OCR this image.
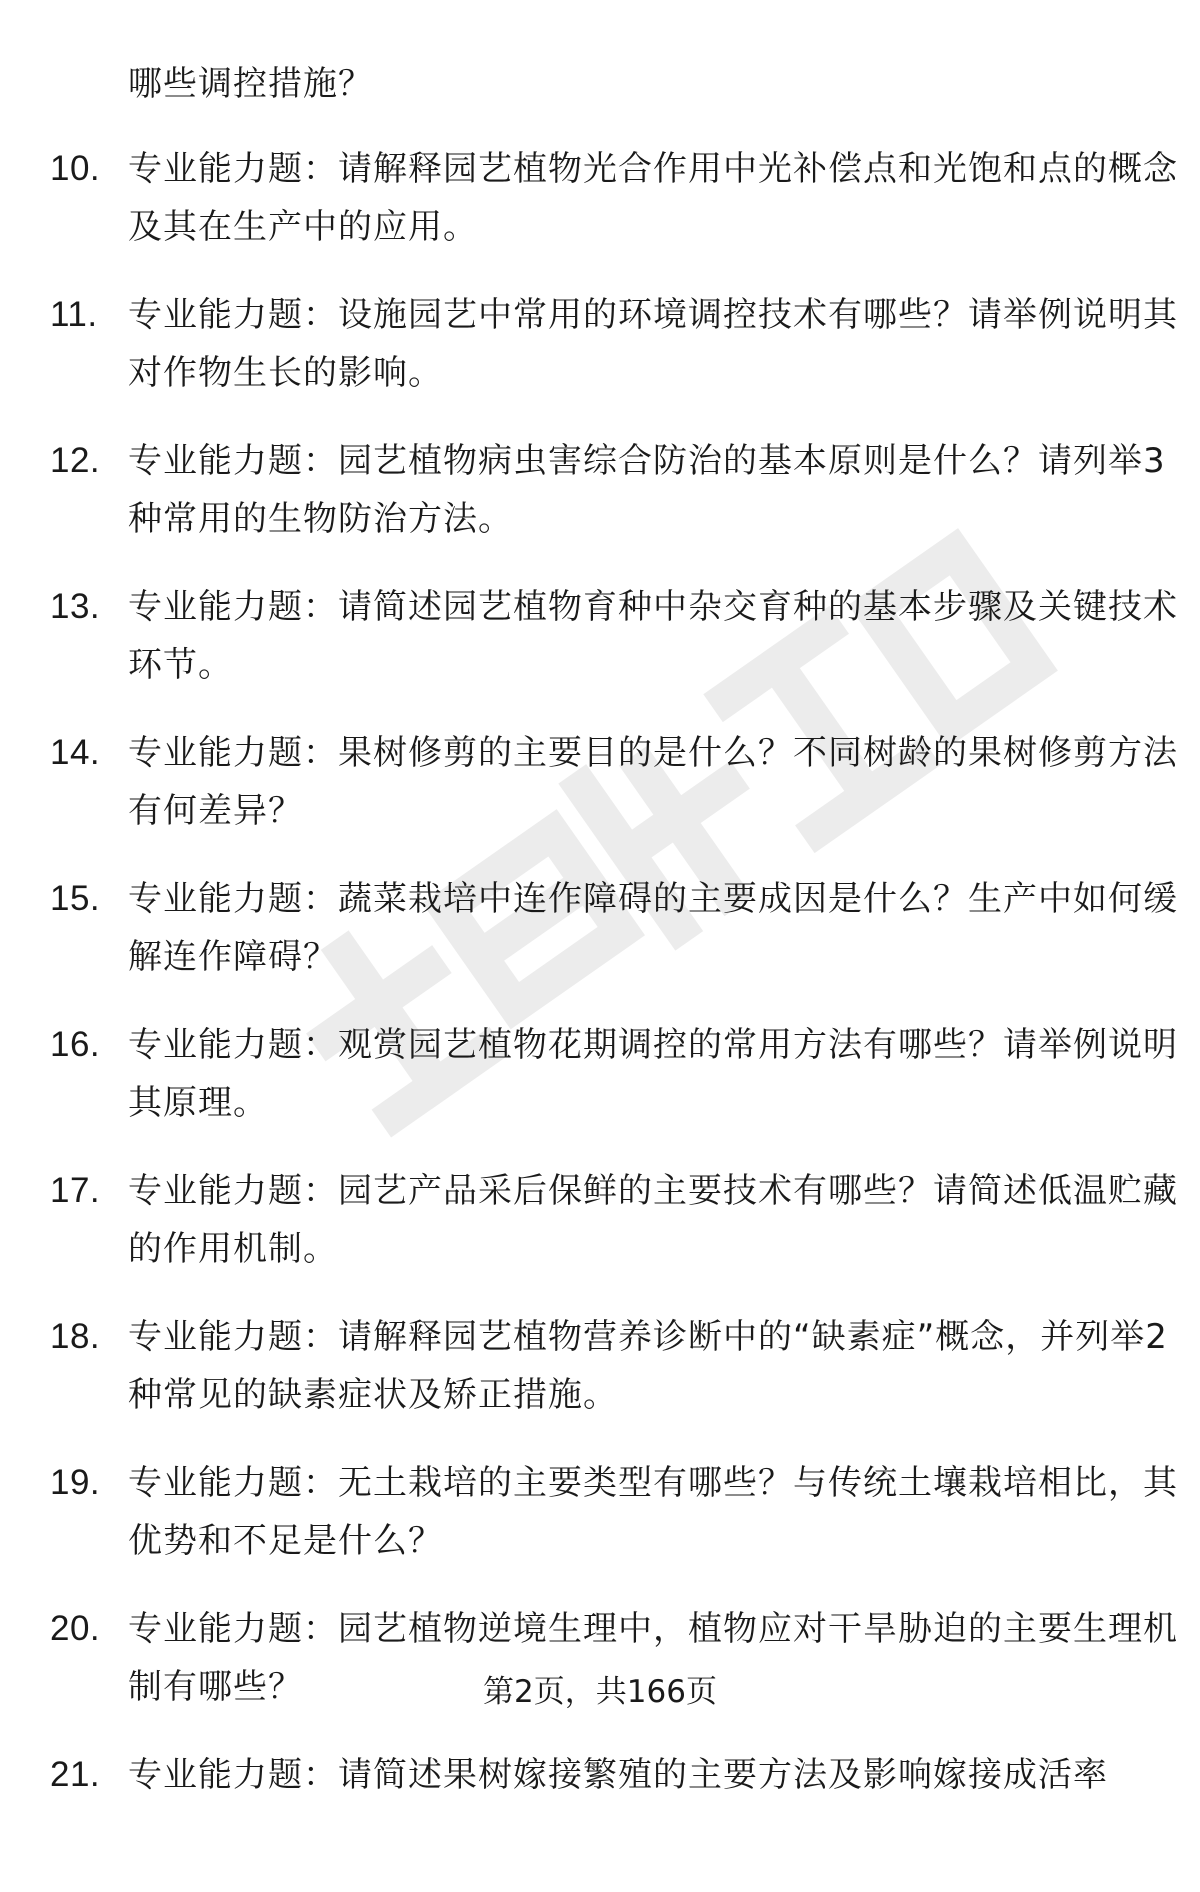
哪些调控措施？
10. 专业能力题：请解释园艺植物光合作用中光补偿点和光饱和点的概念及其在生产中的应用。
11. 专业能力题：设施园艺中常用的环境调控技术有哪些？请举例说明其对作物生长的影响。
12. 专业能力题：园艺植物病虫害综合防治的基本原则是什么？请列举3种常用的生物防治方法。
13. 专业能力题：请简述园艺植物育种中杂交育种的基本步骤及关键技术环节。
14. 专业能力题：果树修剪的主要目的是什么？不同树龄的果树修剪方法有何差异？
15. 专业能力题：蔬菜栽培中连作障碍的主要成因是什么？生产中如何缓解连作障碍？
16. 专业能力题：观赏园艺植物花期调控的常用方法有哪些？请举例说明其原理。
17. 专业能力题：园艺产品采后保鲜的主要技术有哪些？请简述低温贮藏的作用机制。
18. 专业能力题：请解释园艺植物营养诊断中的“缺素症”概念，并列举2种常见的缺素症状及矫正措施。
19. 专业能力题：无土栽培的主要类型有哪些？与传统土壤栽培相比，其优势和不足是什么？
20. 专业能力题：园艺植物逆境生理中，植物应对干旱胁迫的主要生理机制有哪些？
21. 专业能力题：请简述果树嫁接繁殖的主要方法及影响嫁接成活率
第2页，共166页
